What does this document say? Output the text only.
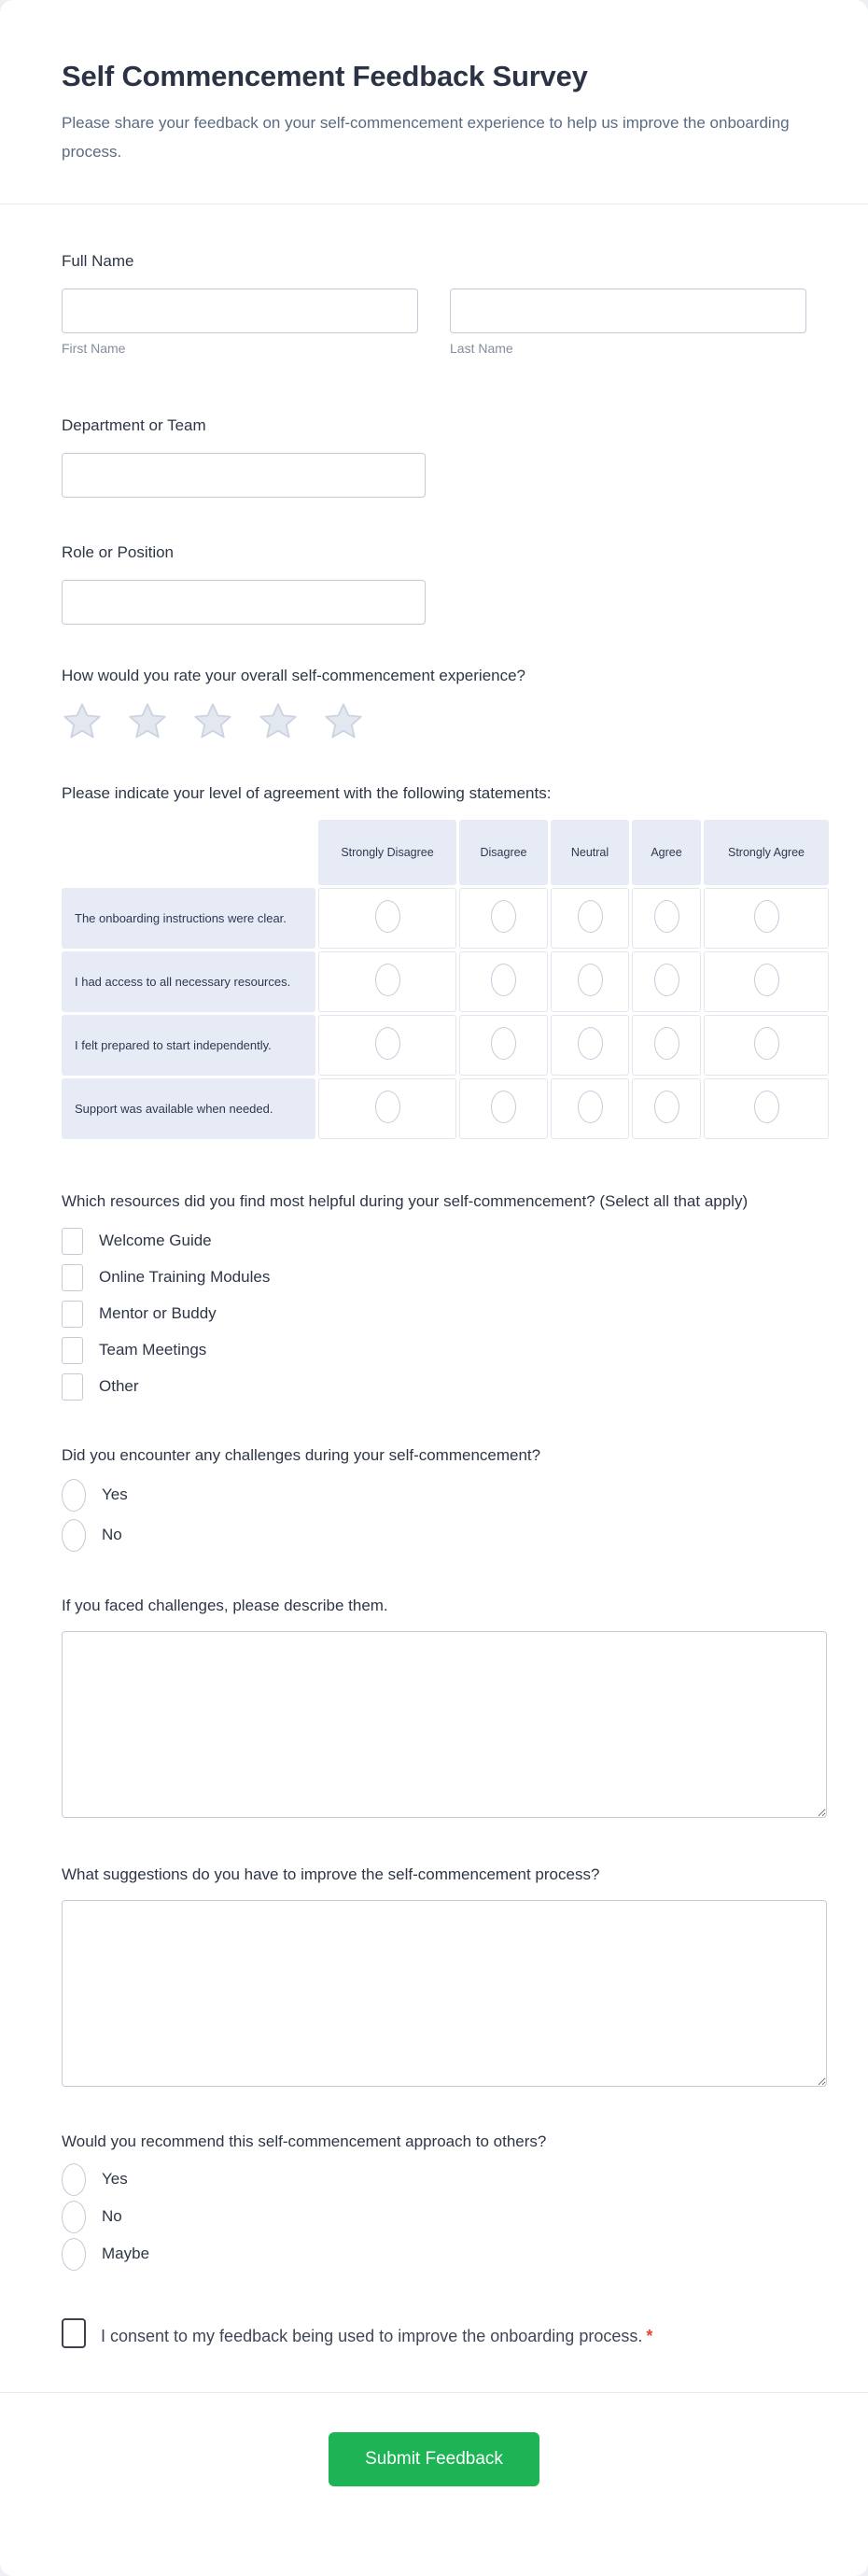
Self Commencement Feedback Survey
Please share your feedback on your self-commencement experience to help us improve the onboarding process.
Full Name
First Name	Last Name
Department or Team
Role or Position
How would you rate your overall self-commencement experience?
Please indicate your level of agreement with the following statements:
	Strongly Disagree	Disagree	Neutral	Agree	Strongly Agree
The onboarding instructions were clear.					
I had access to all necessary resources.					
I felt prepared to start independently.					
Support was available when needed.					
Which resources did you find most helpful during your self-commencement? (Select all that apply)
Welcome Guide
Online Training Modules
Mentor or Buddy
Team Meetings
Other
Did you encounter any challenges during your self-commencement?
Yes
No
If you faced challenges, please describe them.
What suggestions do you have to improve the self-commencement process?
Would you recommend this self-commencement approach to others?
Yes
No
Maybe
I consent to my feedback being used to improve the onboarding process. *
Submit Feedback
